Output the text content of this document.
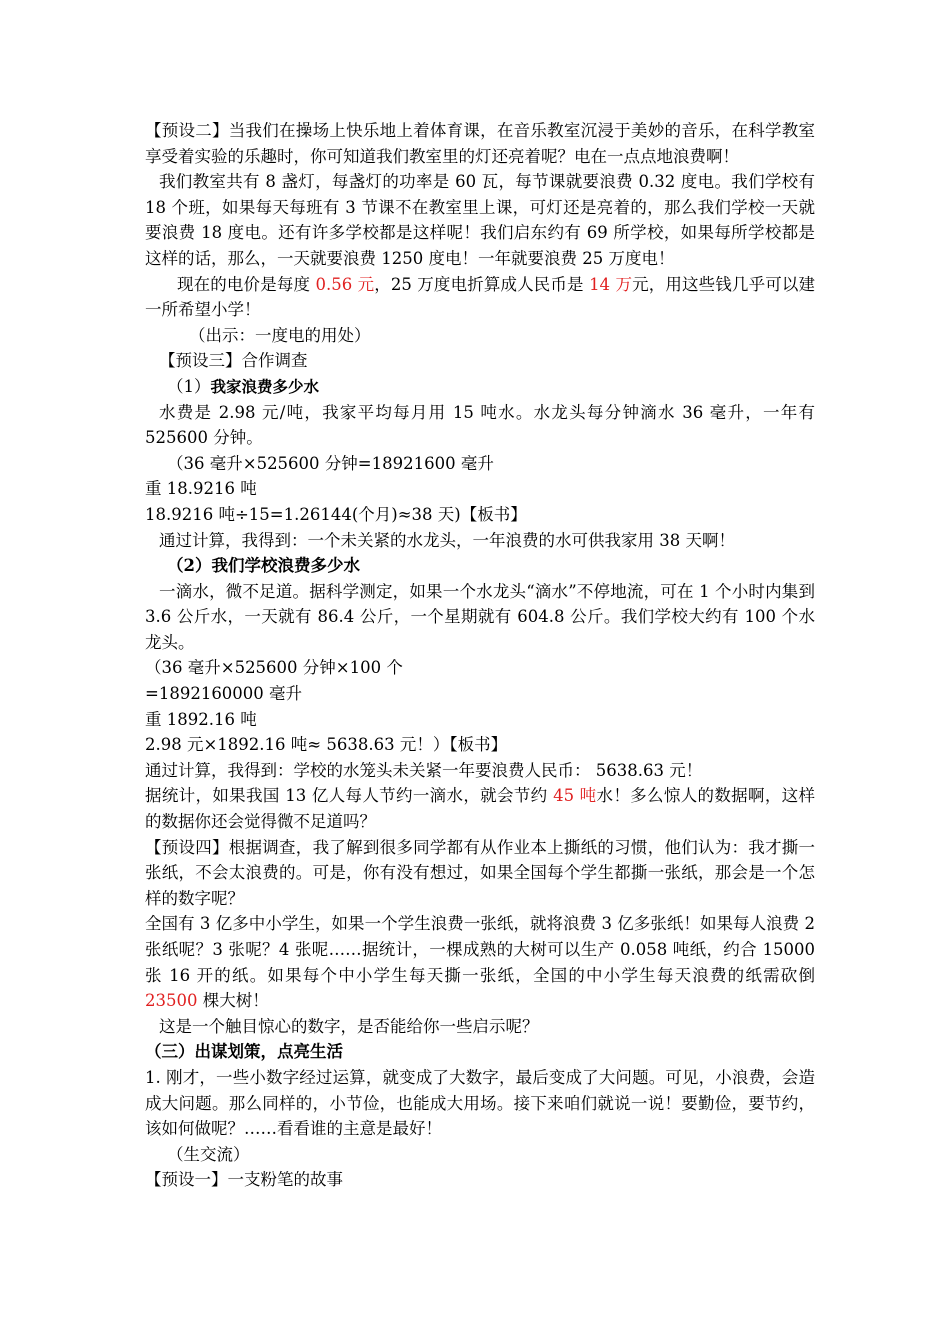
【预设二】当我们在操场上快乐地上着体育课，在音乐教室沉浸于美妙的音乐，在科学教室享受着实验的乐趣时，你可知道我们教室里的灯还亮着呢？电在一点点地浪费啊！

我们教室共有 8 盏灯，每盏灯的功率是 60 瓦，每节课就要浪费 0.32 度电。我们学校有 18 个班，如果每天每班有 3 节课不在教室里上课，可灯还是亮着的，那么我们学校一天就要浪费 18 度电。还有许多学校都是这样呢！我们启东约有 69 所学校，如果每所学校都是这样的话，那么，一天就要浪费 1250 度电！一年就要浪费 25 万度电！

现在的电价是每度 0.56 元，25 万度电折算成人民币是 14 万元，用这些钱几乎可以建一所希望小学！

（出示：一度电的用处）

【预设三】合作调查

（1）我家浪费多少水

水费是 2.98 元/吨，我家平均每月用 15 吨水。水龙头每分钟滴水 36 毫升，一年有 525600 分钟。

（36 毫升×525600 分钟=18921600 毫升

重 18.9216 吨

18.9216 吨÷15=1.26144(个月)≈38 天)【板书】

通过计算，我得到：一个未关紧的水龙头，一年浪费的水可供我家用 38 天啊！

（2）我们学校浪费多少水

一滴水，微不足道。据科学测定，如果一个水龙头“滴水”不停地流，可在 1 个小时内集到 3.6 公斤水，一天就有 86.4 公斤，一个星期就有 604.8 公斤。我们学校大约有 100 个水龙头。

（36 毫升×525600 分钟×100 个

=1892160000 毫升

重 1892.16 吨

2.98 元×1892.16 吨≈ 5638.63 元！）【板书】

通过计算，我得到：学校的水笼头未关紧一年要浪费人民币： 5638.63 元！

据统计，如果我国 13 亿人每人节约一滴水，就会节约 45 吨水！多么惊人的数据啊，这样的数据你还会觉得微不足道吗？

【预设四】根据调查，我了解到很多同学都有从作业本上撕纸的习惯，他们认为：我才撕一张纸，不会太浪费的。可是，你有没有想过，如果全国每个学生都撕一张纸，那会是一个怎样的数字呢？

全国有 3 亿多中小学生，如果一个学生浪费一张纸，就将浪费 3 亿多张纸！如果每人浪费 2 张纸呢？3 张呢？4 张呢……据统计，一棵成熟的大树可以生产 0.058 吨纸，约合 15000 张 16 开的纸。如果每个中小学生每天撕一张纸，全国的中小学生每天浪费的纸需砍倒 23500 棵大树！

这是一个触目惊心的数字，是否能给你一些启示呢？

（三）出谋划策，点亮生活

1. 刚才，一些小数字经过运算，就变成了大数字，最后变成了大问题。可见，小浪费，会造成大问题。那么同样的，小节俭，也能成大用场。接下来咱们就说一说！要勤俭，要节约，该如何做呢？……看看谁的主意是最好！

（生交流）

【预设一】一支粉笔的故事
